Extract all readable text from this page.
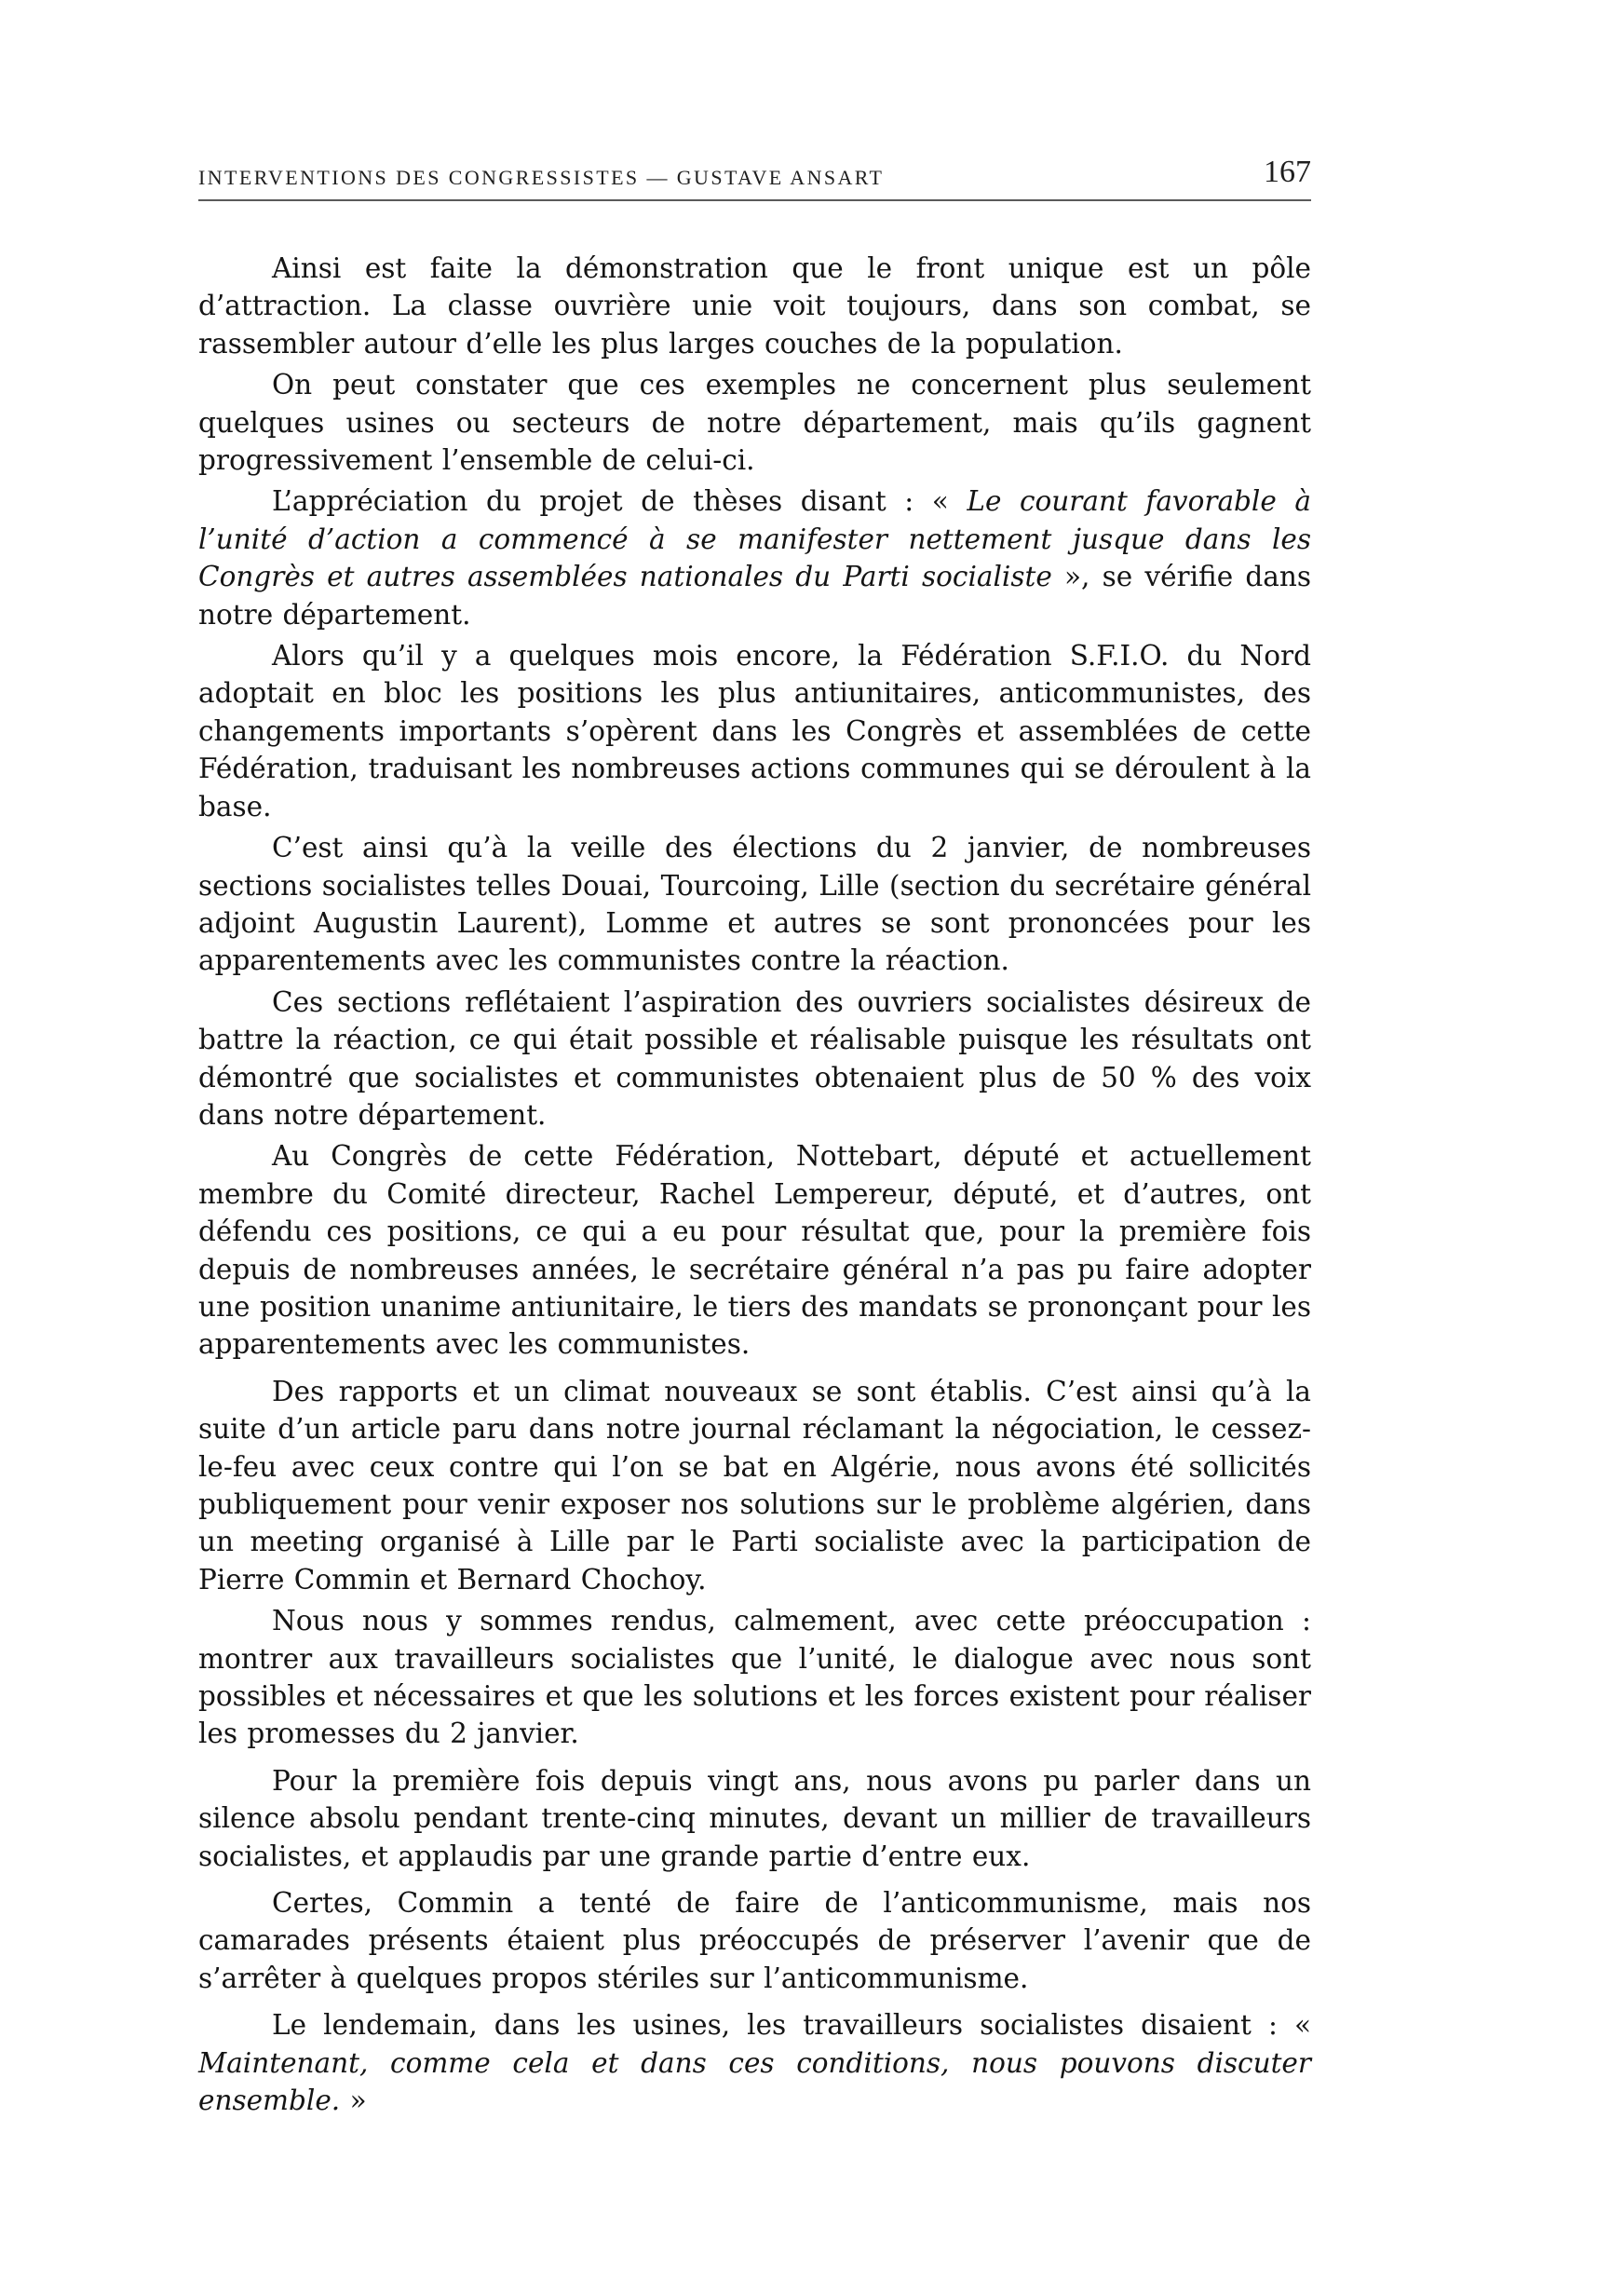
INTERVENTIONS DES CONGRESSISTES — GUSTAVE ANSART	167

Ainsi est faite la démonstration que le front unique est un pôle d’attraction. La classe ouvrière unie voit toujours, dans son combat, se rassembler autour d’elle les plus larges couches de la population.

On peut constater que ces exemples ne concernent plus seulement quelques usines ou secteurs de notre département, mais qu’ils gagnent progressivement l’ensemble de celui-ci.

L’appréciation du projet de thèses disant : « Le courant favorable à l’unité d’action a commencé à se manifester nettement jusque dans les Congrès et autres assemblées nationales du Parti socialiste », se vérifie dans notre département.

Alors qu’il y a quelques mois encore, la Fédération S.F.I.O. du Nord adoptait en bloc les positions les plus antiunitaires, anticommunistes, des changements importants s’opèrent dans les Congrès et assemblées de cette Fédération, traduisant les nombreuses actions communes qui se déroulent à la base.

C’est ainsi qu’à la veille des élections du 2 janvier, de nombreuses sections socialistes telles Douai, Tourcoing, Lille (section du secrétaire général adjoint Augustin Laurent), Lomme et autres se sont prononcées pour les apparentements avec les communistes contre la réaction.

Ces sections reflétaient l’aspiration des ouvriers socialistes désireux de battre la réaction, ce qui était possible et réalisable puisque les résultats ont démontré que socialistes et communistes obtenaient plus de 50 % des voix dans notre département.

Au Congrès de cette Fédération, Nottebart, député et actuellement membre du Comité directeur, Rachel Lempereur, député, et d’autres, ont défendu ces positions, ce qui a eu pour résultat que, pour la première fois depuis de nombreuses années, le secrétaire général n’a pas pu faire adopter une position unanime antiunitaire, le tiers des mandats se prononçant pour les apparentements avec les communistes.

Des rapports et un climat nouveaux se sont établis. C’est ainsi qu’à la suite d’un article paru dans notre journal réclamant la négociation, le cessez-le-feu avec ceux contre qui l’on se bat en Algérie, nous avons été sollicités publiquement pour venir exposer nos solutions sur le problème algérien, dans un meeting organisé à Lille par le Parti socialiste avec la participation de Pierre Commin et Bernard Chochoy.

Nous nous y sommes rendus, calmement, avec cette préoccupation : montrer aux travailleurs socialistes que l’unité, le dialogue avec nous sont possibles et nécessaires et que les solutions et les forces existent pour réaliser les promesses du 2 janvier.

Pour la première fois depuis vingt ans, nous avons pu parler dans un silence absolu pendant trente-cinq minutes, devant un millier de travailleurs socialistes, et applaudis par une grande partie d’entre eux.

Certes, Commin a tenté de faire de l’anticommunisme, mais nos camarades présents étaient plus préoccupés de préserver l’avenir que de s’arrêter à quelques propos stériles sur l’anticommunisme.

Le lendemain, dans les usines, les travailleurs socialistes disaient : « Maintenant, comme cela et dans ces conditions, nous pouvons discuter ensemble. »
